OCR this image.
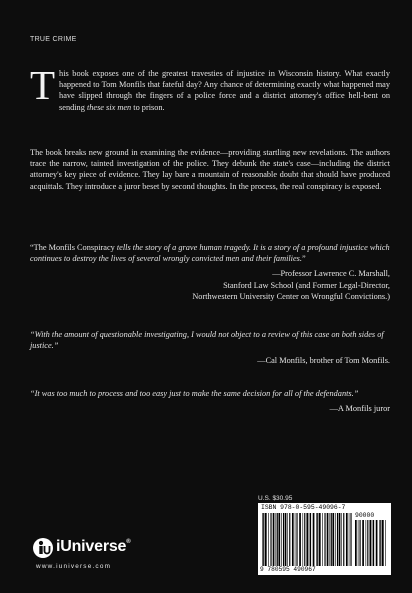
TRUE CRIME
This book exposes one of the greatest travesties of injustice in Wisconsin history. What exactly happened to Tom Monfils that fateful day? Any chance of determining exactly what happened may have slipped through the fingers of a police force and a district attorney's office hell-bent on sending these six men to prison.
The book breaks new ground in examining the evidence—providing startling new revelations. The authors trace the narrow, tainted investigation of the police. They debunk the state's case—including the district attorney's key piece of evidence. They lay bare a mountain of reasonable doubt that should have produced acquittals. They introduce a juror beset by second thoughts. In the process, the real conspiracy is exposed.
“The Monfils Conspiracy tells the story of a grave human tragedy. It is a story of a profound injustice which continues to destroy the lives of several wrongly convicted men and their families.”
—Professor Lawrence C. Marshall,
Stanford Law School (and Former Legal-Director,
Northwestern University Center on Wrongful Convictions.)
“With the amount of questionable investigating, I would not object to a review of this case on both sides of justice.”
—Cal Monfils, brother of Tom Monfils.
“It was too much to process and too easy just to make the same decision for all of the defendants.”
—A Monfils juror
U.S. $30.95
ISBN 978-0-595-49096-7
90000
9 780595 490967
iUniverse®
www.iuniverse.com
